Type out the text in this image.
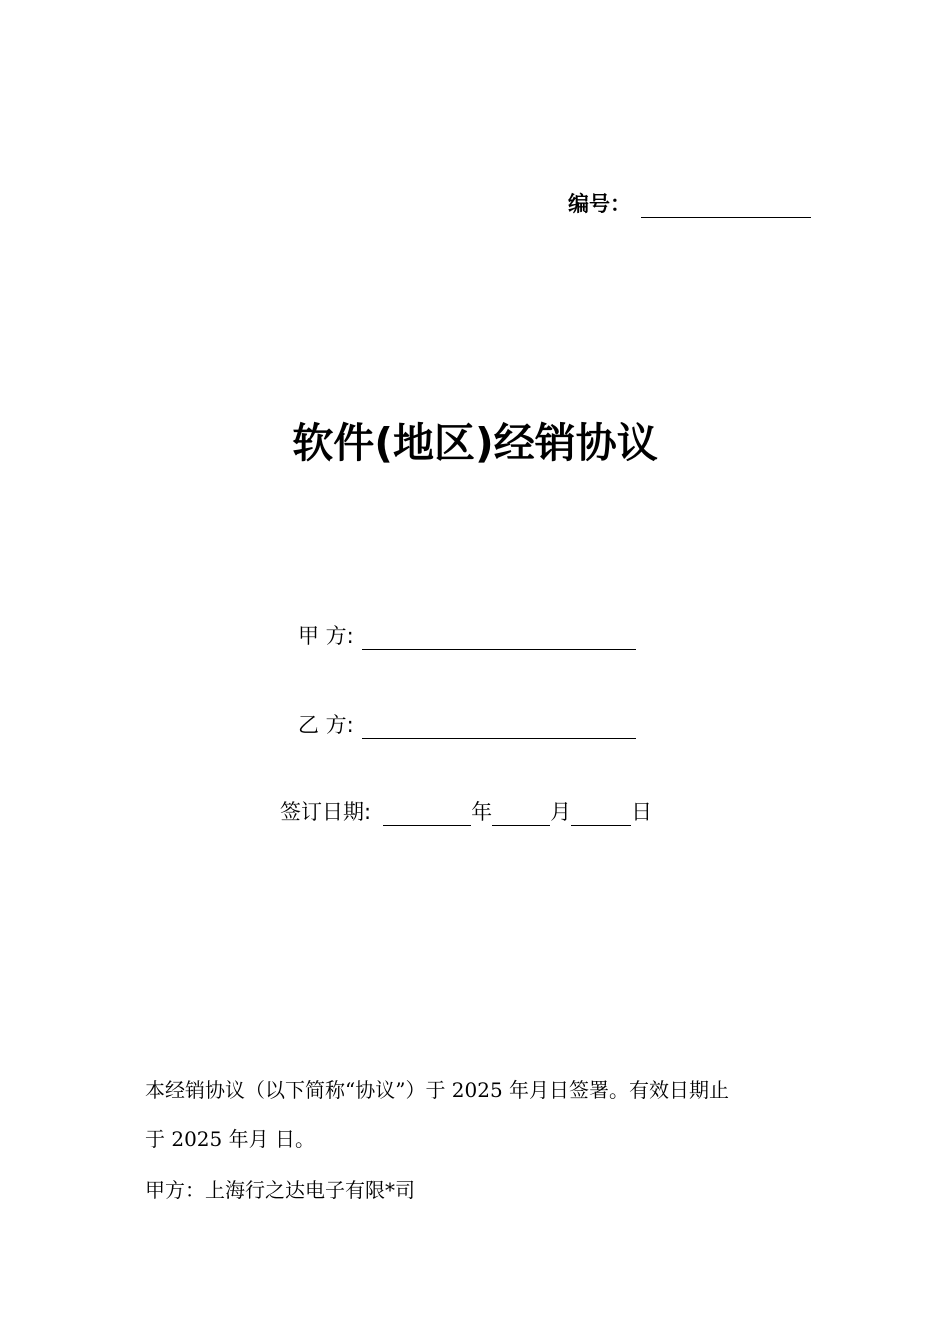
编号：
软件(地区)经销协议
甲 方:
乙 方:
签订日期:	年	月	日
本经销协议（以下简称“协议”）于 2025 年月日签署。有效日期止
于 2025 年月 日。
甲方：上海行之达电子有限*司
